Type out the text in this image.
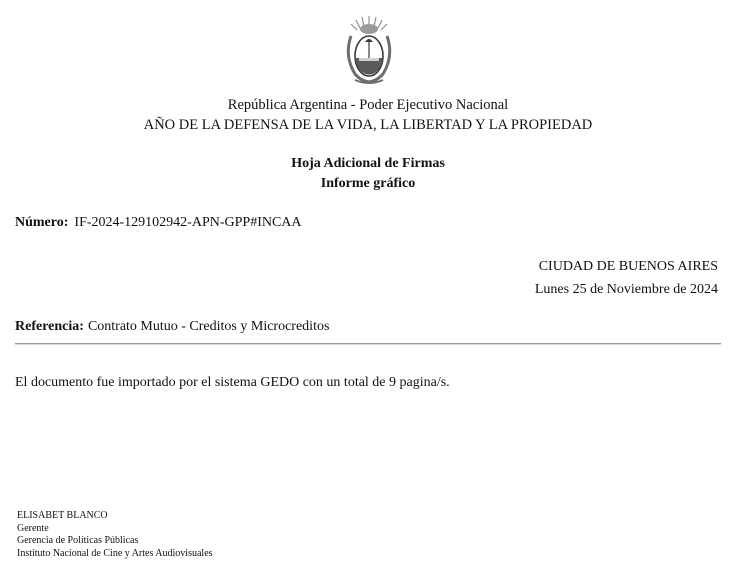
República Argentina - Poder Ejecutivo Nacional
AÑO DE LA DEFENSA DE LA VIDA, LA LIBERTAD Y LA PROPIEDAD
Hoja Adicional de Firmas
Informe gráfico
Número: IF-2024-129102942-APN-GPP#INCAA
CIUDAD DE BUENOS AIRES
Lunes 25 de Noviembre de 2024
Referencia: Contrato Mutuo - Creditos y Microcreditos
El documento fue importado por el sistema GEDO con un total de 9 pagina/s.
ELISABET BLANCO
Gerente
Gerencia de Políticas Públicas
Instituto Nacional de Cine y Artes Audiovisuales
